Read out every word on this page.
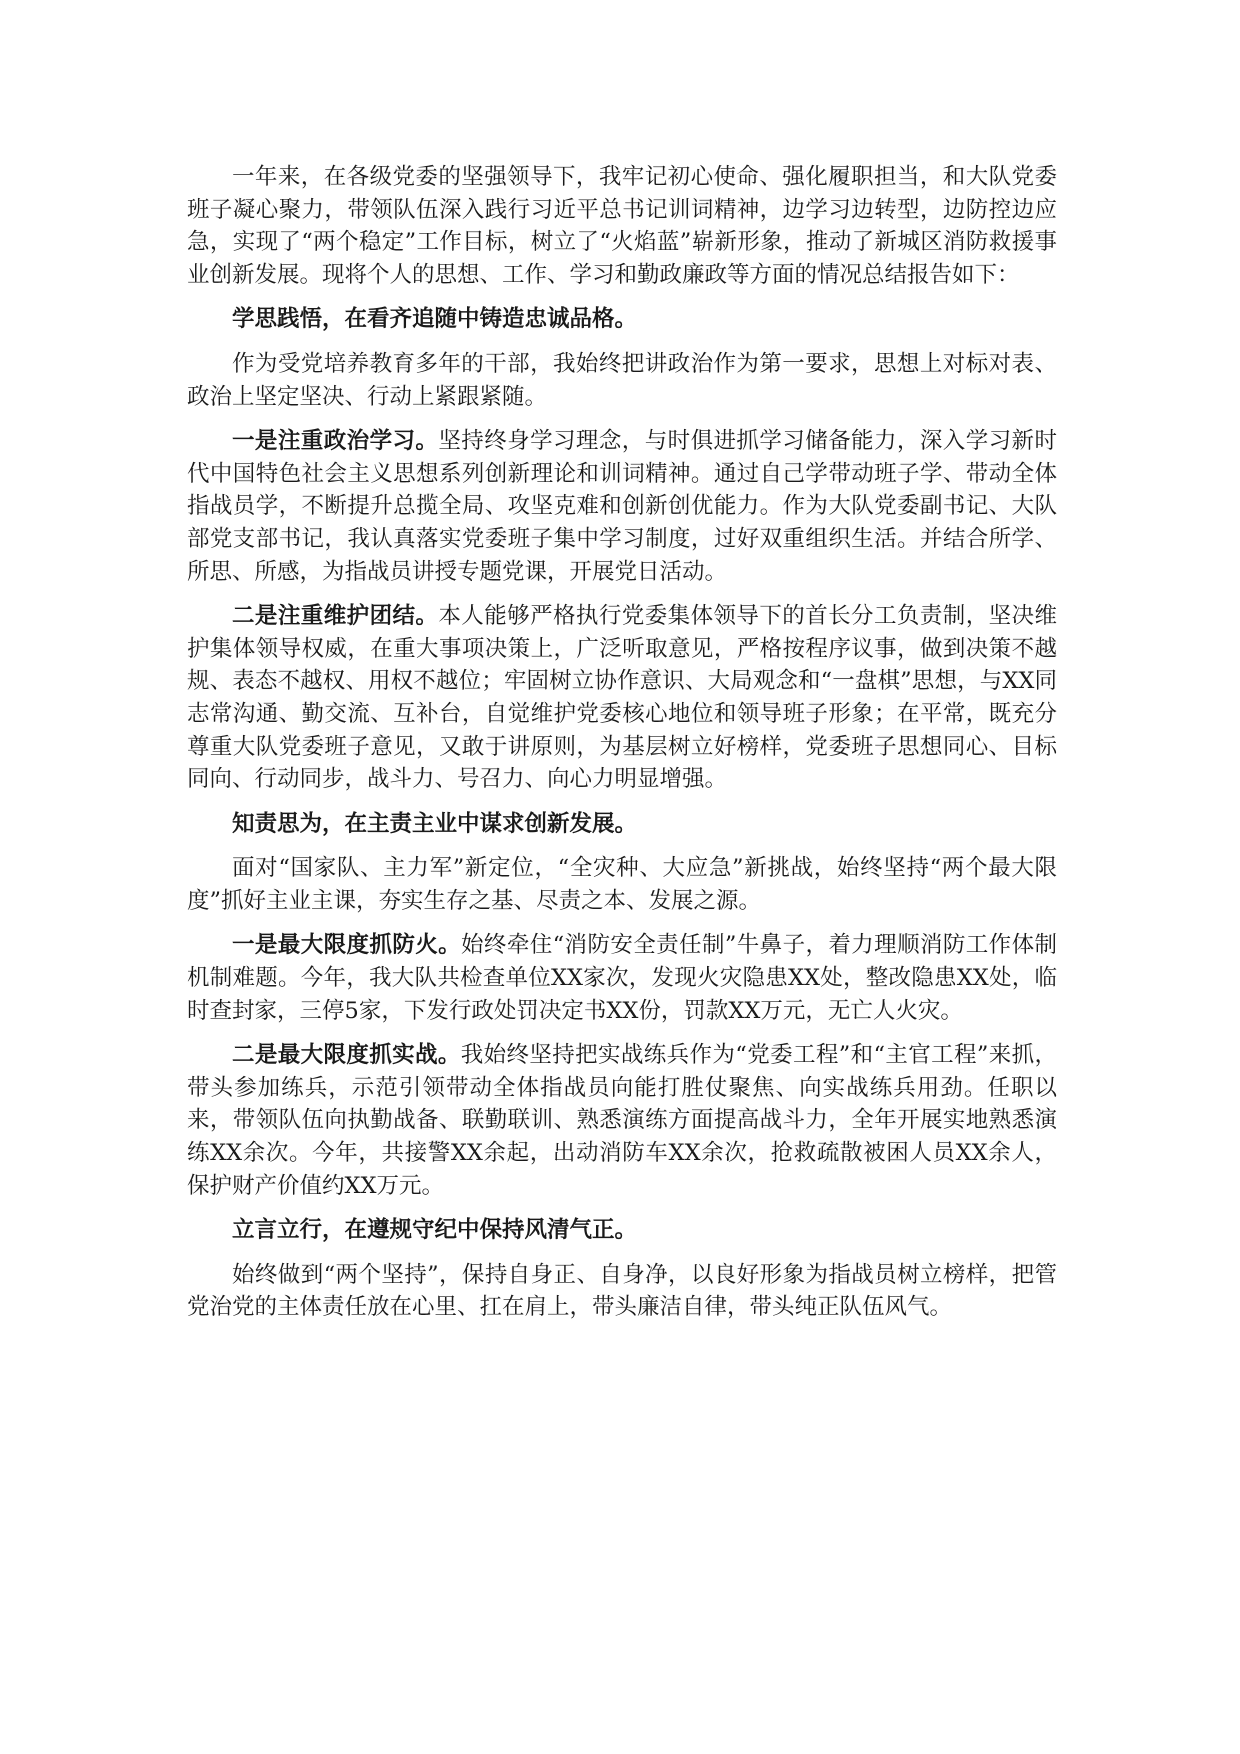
一年来，在各级党委的坚强领导下，我牢记初心使命、强化履职担当，和大队党委班子凝心聚力，带领队伍深入践行习近平总书记训词精神，边学习边转型，边防控边应急，实现了“两个稳定”工作目标，树立了“火焰蓝”崭新形象，推动了新城区消防救援事业创新发展。现将个人的思想、工作、学习和勤政廉政等方面的情况总结报告如下：

学思践悟，在看齐追随中铸造忠诚品格。

作为受党培养教育多年的干部，我始终把讲政治作为第一要求，思想上对标对表、政治上坚定坚决、行动上紧跟紧随。

一是注重政治学习。坚持终身学习理念，与时俱进抓学习储备能力，深入学习新时代中国特色社会主义思想系列创新理论和训词精神。通过自己学带动班子学、带动全体指战员学，不断提升总揽全局、攻坚克难和创新创优能力。作为大队党委副书记、大队部党支部书记，我认真落实党委班子集中学习制度，过好双重组织生活。并结合所学、所思、所感，为指战员讲授专题党课，开展党日活动。

二是注重维护团结。本人能够严格执行党委集体领导下的首长分工负责制，坚决维护集体领导权威，在重大事项决策上，广泛听取意见，严格按程序议事，做到决策不越规、表态不越权、用权不越位；牢固树立协作意识、大局观念和“一盘棋”思想，与XX同志常沟通、勤交流、互补台，自觉维护党委核心地位和领导班子形象；在平常，既充分尊重大队党委班子意见，又敢于讲原则，为基层树立好榜样，党委班子思想同心、目标同向、行动同步，战斗力、号召力、向心力明显增强。

知责思为，在主责主业中谋求创新发展。

面对“国家队、主力军”新定位，“全灾种、大应急”新挑战，始终坚持“两个最大限度”抓好主业主课，夯实生存之基、尽责之本、发展之源。

一是最大限度抓防火。始终牵住“消防安全责任制”牛鼻子，着力理顺消防工作体制机制难题。今年，我大队共检查单位XX家次，发现火灾隐患XX处，整改隐患XX处，临时查封家，三停5家，下发行政处罚决定书XX份，罚款XX万元，无亡人火灾。

二是最大限度抓实战。我始终坚持把实战练兵作为“党委工程”和“主官工程”来抓，带头参加练兵，示范引领带动全体指战员向能打胜仗聚焦、向实战练兵用劲。任职以来，带领队伍向执勤战备、联勤联训、熟悉演练方面提高战斗力，全年开展实地熟悉演练XX余次。今年，共接警XX余起，出动消防车XX余次，抢救疏散被困人员XX余人，保护财产价值约XX万元。

立言立行，在遵规守纪中保持风清气正。

始终做到“两个坚持”，保持自身正、自身净，以良好形象为指战员树立榜样，把管党治党的主体责任放在心里、扛在肩上，带头廉洁自律，带头纯正队伍风气。
